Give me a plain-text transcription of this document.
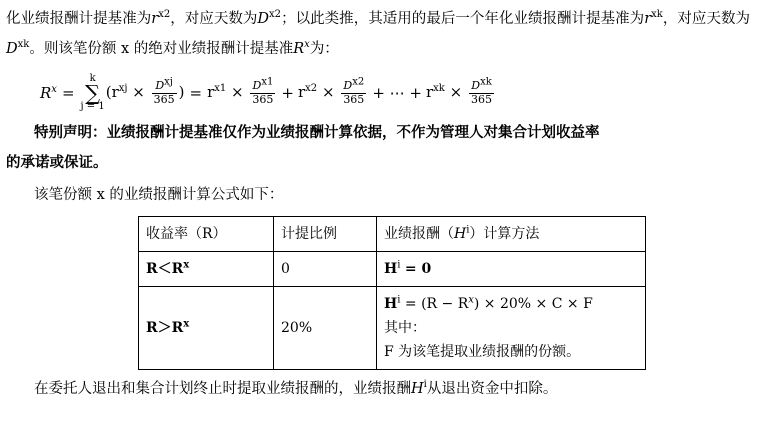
化业绩报酬计提基准为$r^{x2}$，对应天数为$D^{x2}$；以此类推，其适用的最后一个年化业绩报酬计提基准为$r^{xk}$，对应天数为$D^{xk}$。则该笔份额 x 的绝对业绩报酬计提基准$R^x$为：

$R^x$ =
k
∑
j = 1
($r^{xj} \times \frac{\text{Dxj}}{365}$ ) = $r^{x1} \times \frac{Dx1}{365} + r^{x2} \times \frac{Dx2}{365}$ + ⋯ + $r^{xk} \times \frac{\text{Dxk}}{365}$

特别声明：业绩报酬计提基准仅作为业绩报酬计算依据，不作为管理人对集合计划收益率
的承诺或保证。

该笔份额 x 的业绩报酬计算公式如下：

收益率（R）	计提比例	业绩报酬$(H^i)$计算方法
$R<R^x$	0	$H^i = 0$
$R>R^x$	20%	$H^i = (R - R^x) \times 20\% \times C \times F$
其中：
F 为该笔提取业绩报酬的份额。

在委托人退出和集合计划终止时提取业绩报酬的，业绩报酬$H^i$从退出资金中扣除。
